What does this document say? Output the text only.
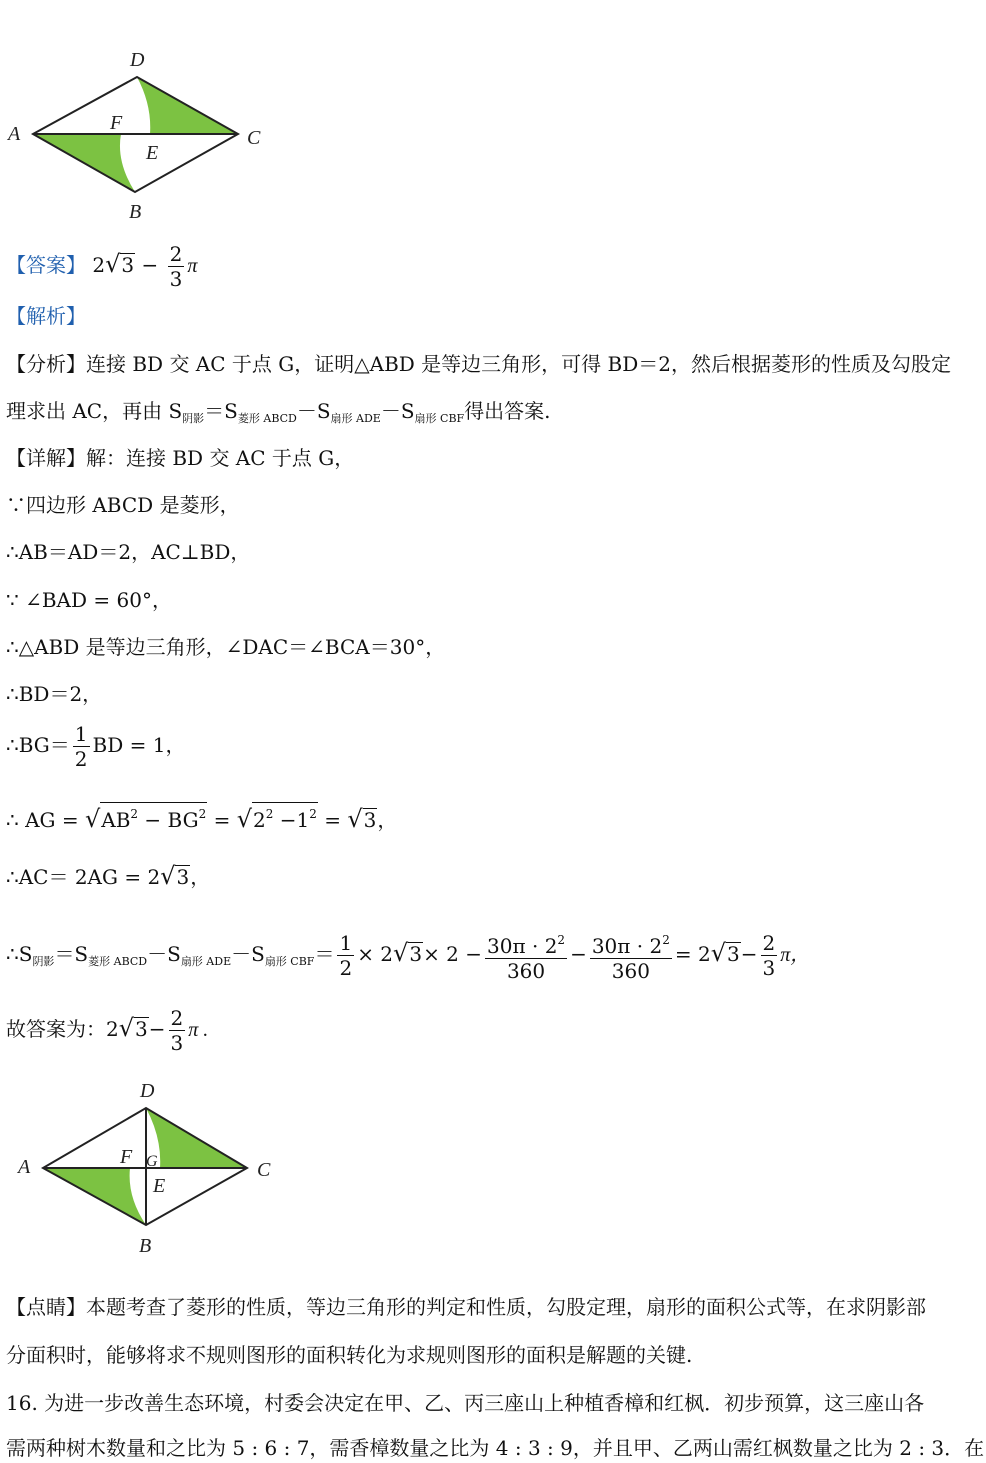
D
A	C
F
E
B
【答案】 $2√3 - \frac{2}{3}$ π
【解析】
【分析】连接 BD 交 AC 于点 G，证明△ABD 是等边三角形，可得 BD＝2，然后根据菱形的性质及勾股定
理求出 AC，再由 $S_{阴影}=S_{菱形 ABCD}-S_{扇形 ADE}-S_{扇形 CBF}$得出答案.
【详解】解：连接 BD 交 AC 于点 G，
∵四边形 ABCD 是菱形，
∴AB＝AD＝2，AC⊥BD，
∵ ∠BAD = 60°，
∴△ABD 是等边三角形，∠DAC＝∠BCA＝30°，
∴BD＝2，
∴BG＝ $\frac{1}{2}$ BD = 1，
∴ AG = $√AB^2 - BG^2 = √2^2 -1^2 = √3$，
∴AC＝ 2AG = 2√3，
$\therefore S_{阴影}=S_{菱形 ABCD}-S_{扇形 ADE}-S_{扇形 CBF}= \frac{1}{2} \times 2√3\times 2 - \frac{30\pi \cdot 2^2}{360} - \frac{30\pi \cdot 2^2}{360} = 2√3- \frac{2}{3}$ π，
故答案为：$2√3- \frac{2}{3}$ π .
D
A	C
F G
E
B
【点睛】本题考查了菱形的性质，等边三角形的判定和性质，勾股定理，扇形的面积公式等，在求阴影部
分面积时，能够将求不规则图形的面积转化为求规则图形的面积是解题的关键.
16. 为进一步改善生态环境，村委会决定在甲、乙、丙三座山上种植香樟和红枫．初步预算，这三座山各
需两种树木数量和之比为 5 : 6 : 7，需香樟数量之比为 4 : 3 : 9，并且甲、乙两山需红枫数量之比为 2 : 3．在
